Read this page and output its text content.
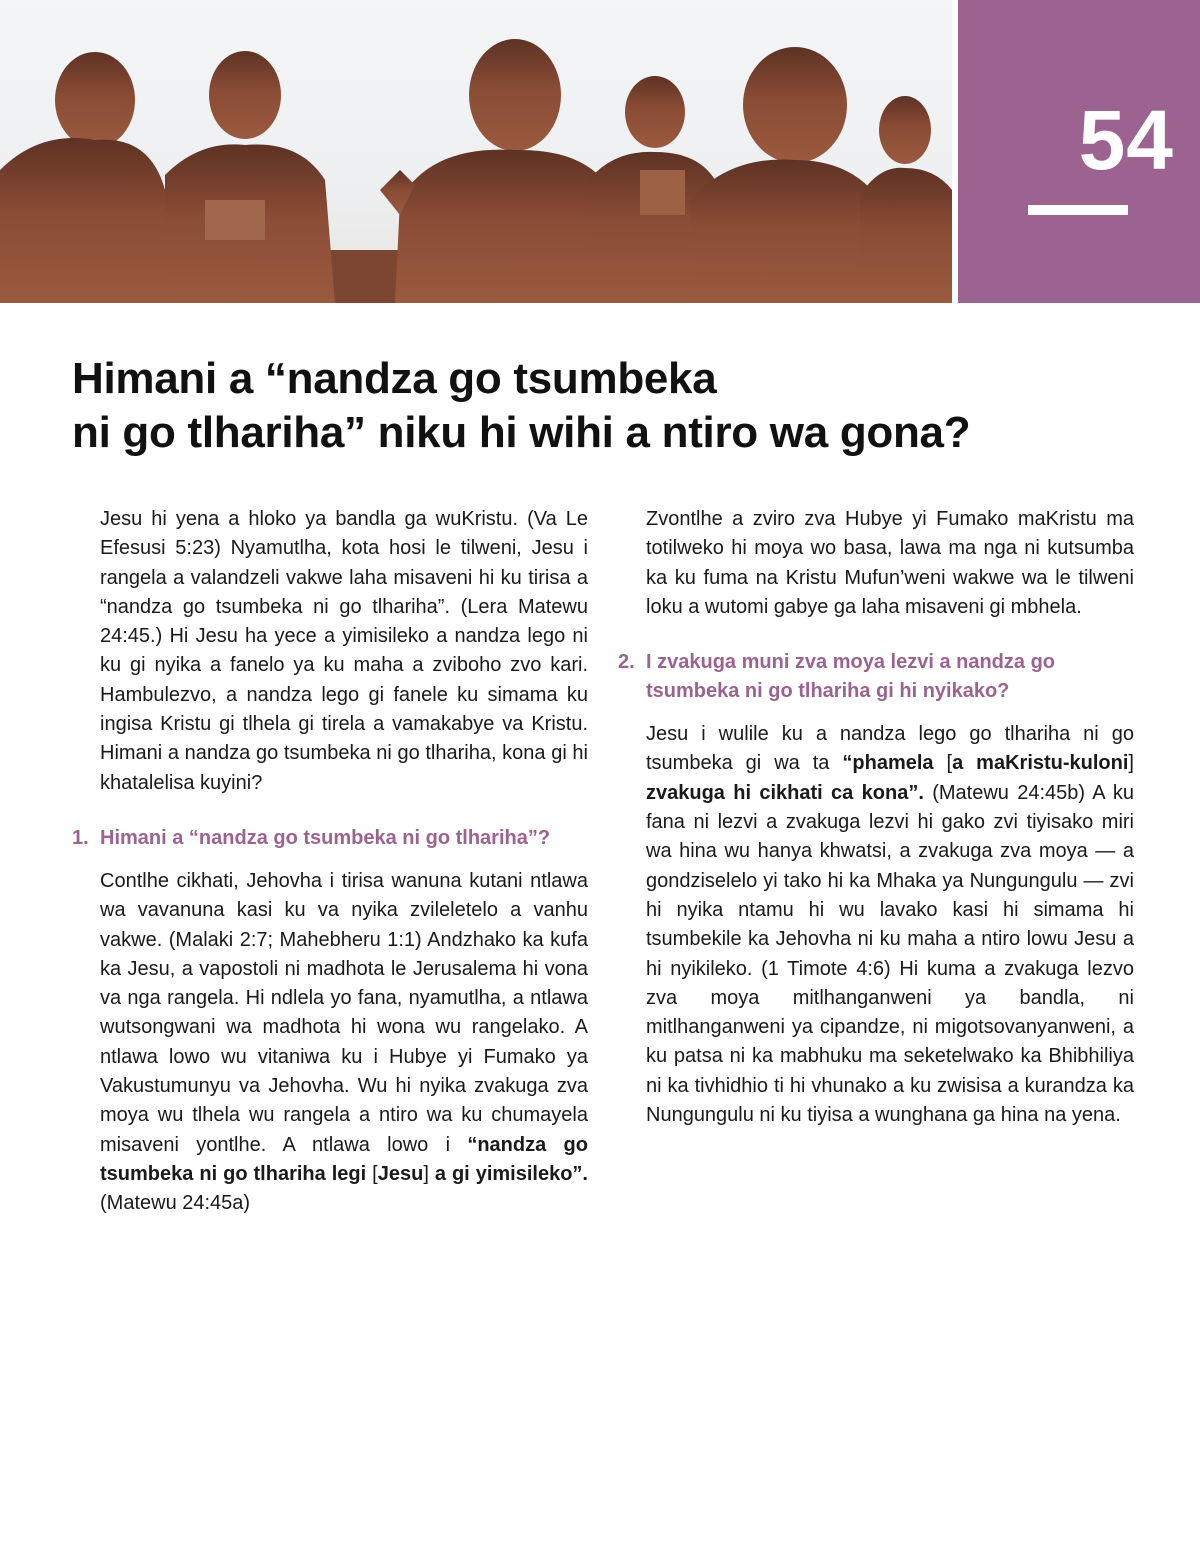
54
Himani a “nandza go tsumbeka
ni go tlhariha” niku hi wihi a ntiro wa gona?

Jesu hi yena a hloko ya bandla ga wuKristu. (Va Le Efesusi 5:23) Nyamutlha, kota hosi le tilweni, Jesu i rangela a valandzeli vakwe laha misaveni hi ku tirisa a “nandza go tsumbeka ni go tlhariha”. (Lera Matewu 24:45.) Hi Jesu ha yece a yimisileko a nandza lego ni ku gi nyika a fanelo ya ku maha a zviboho zvo kari. Hambulezvo, a nandza lego gi fanele ku simama ku ingisa Kristu gi tlhela gi tirela a vamakabye va Kristu. Himani a nandza go tsumbeka ni go tlhariha, kona gi hi khatalelisa kuyini?

1. Himani a “nandza go tsumbeka ni go tlhariha”?

Contlhe cikhati, Jehovha i tirisa wanuna kutani ntlawa wa vavanuna kasi ku va nyika zvileletelo a vanhu vakwe. (Malaki 2:7; Mahebheru 1:1) Andzhako ka kufa ka Jesu, a vapostoli ni madhota le Jerusalema hi vona va nga rangela. Hi ndlela yo fana, nyamutlha, a ntlawa wutsongwani wa madhota hi wona wu rangelako. A ntlawa lowo wu vitaniwa ku i Hubye yi Fumako ya Vakustumunyu va Jehovha. Wu hi nyika zvakuga zva moya wu tlhela wu rangela a ntiro wa ku chumayela misaveni yontlhe. A ntlawa lowo i “nandza go tsumbeka ni go tlhariha legi [Jesu] a gi yimisileko”. (Matewu 24:45a)

Zvontlhe a zviro zva Hubye yi Fumako maKristu ma totilweko hi moya wo basa, lawa ma nga ni kutsumba ka ku fuma na Kristu Mufun’weni wakwe wa le tilweni loku a wutomi gabye ga laha misaveni gi mbhela.

2. I zvakuga muni zva moya lezvi a nandza go tsumbeka ni go tlhariha gi hi nyikako?

Jesu i wulile ku a nandza lego go tlhariha ni go tsumbeka gi wa ta “phamela [a maKristu-kuloni] zvakuga hi cikhati ca kona”. (Matewu 24:45b) A ku fana ni lezvi a zvakuga lezvi hi gako zvi tiyisako miri wa hina wu hanya khwatsi, a zvakuga zva moya — a gondziselelo yi tako hi ka Mhaka ya Nungungulu — zvi hi nyika ntamu hi wu lavako kasi hi simama hi tsumbekile ka Jehovha ni ku maha a ntiro lowu Jesu a hi nyikileko. (1 Timote 4:6) Hi kuma a zvakuga lezvo zva moya mitlhanganweni ya bandla, ni mitlhanganweni ya cipandze, ni migotsovanyanweni, a ku patsa ni ka mabhuku ma seketelwako ka Bhibhiliya ni ka tivhidhio ti hi vhunako a ku zwisisa a kurandza ka Nungungulu ni ku tiyisa a wunghana ga hina na yena.
